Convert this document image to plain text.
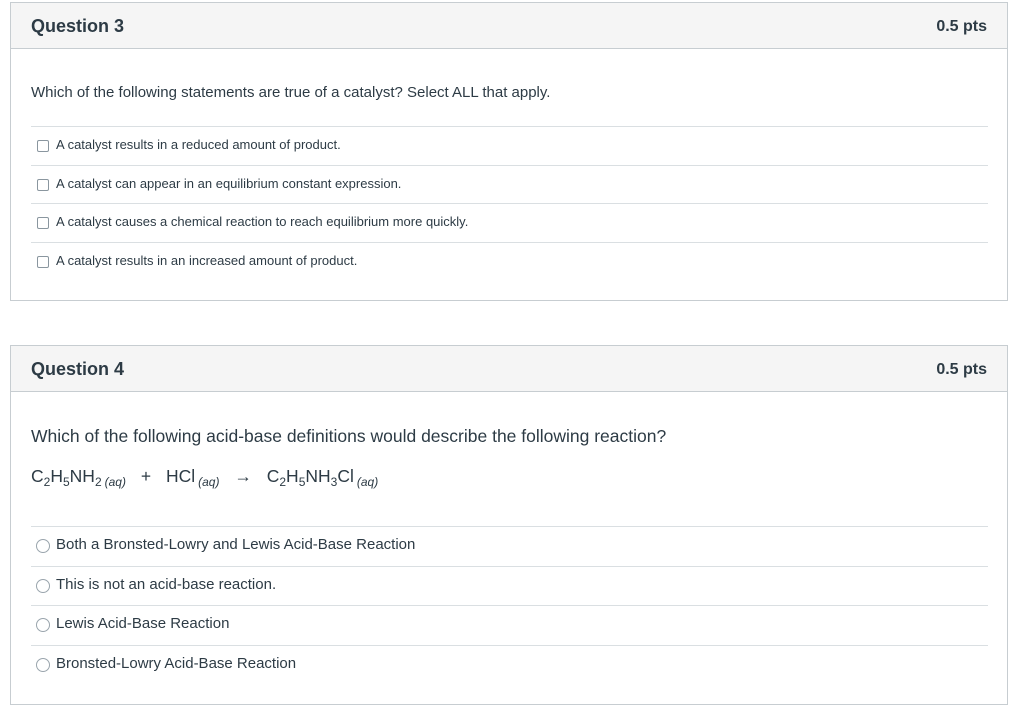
Question 3	0.5 pts
Which of the following statements are true of a catalyst? Select ALL that apply.
A catalyst results in a reduced amount of product.
A catalyst can appear in an equilibrium constant expression.
A catalyst causes a chemical reaction to reach equilibrium more quickly.
A catalyst results in an increased amount of product.
Question 4	0.5 pts
Which of the following acid-base definitions would describe the following reaction?
$C_2H_5NH_2$ $_{(aq)}$ + HCl $_{(aq)} \to C_2H_5NH_3Cl$ $_{(aq)}$
Both a Bronsted-Lowry and Lewis Acid-Base Reaction
This is not an acid-base reaction.
Lewis Acid-Base Reaction
Bronsted-Lowry Acid-Base Reaction
